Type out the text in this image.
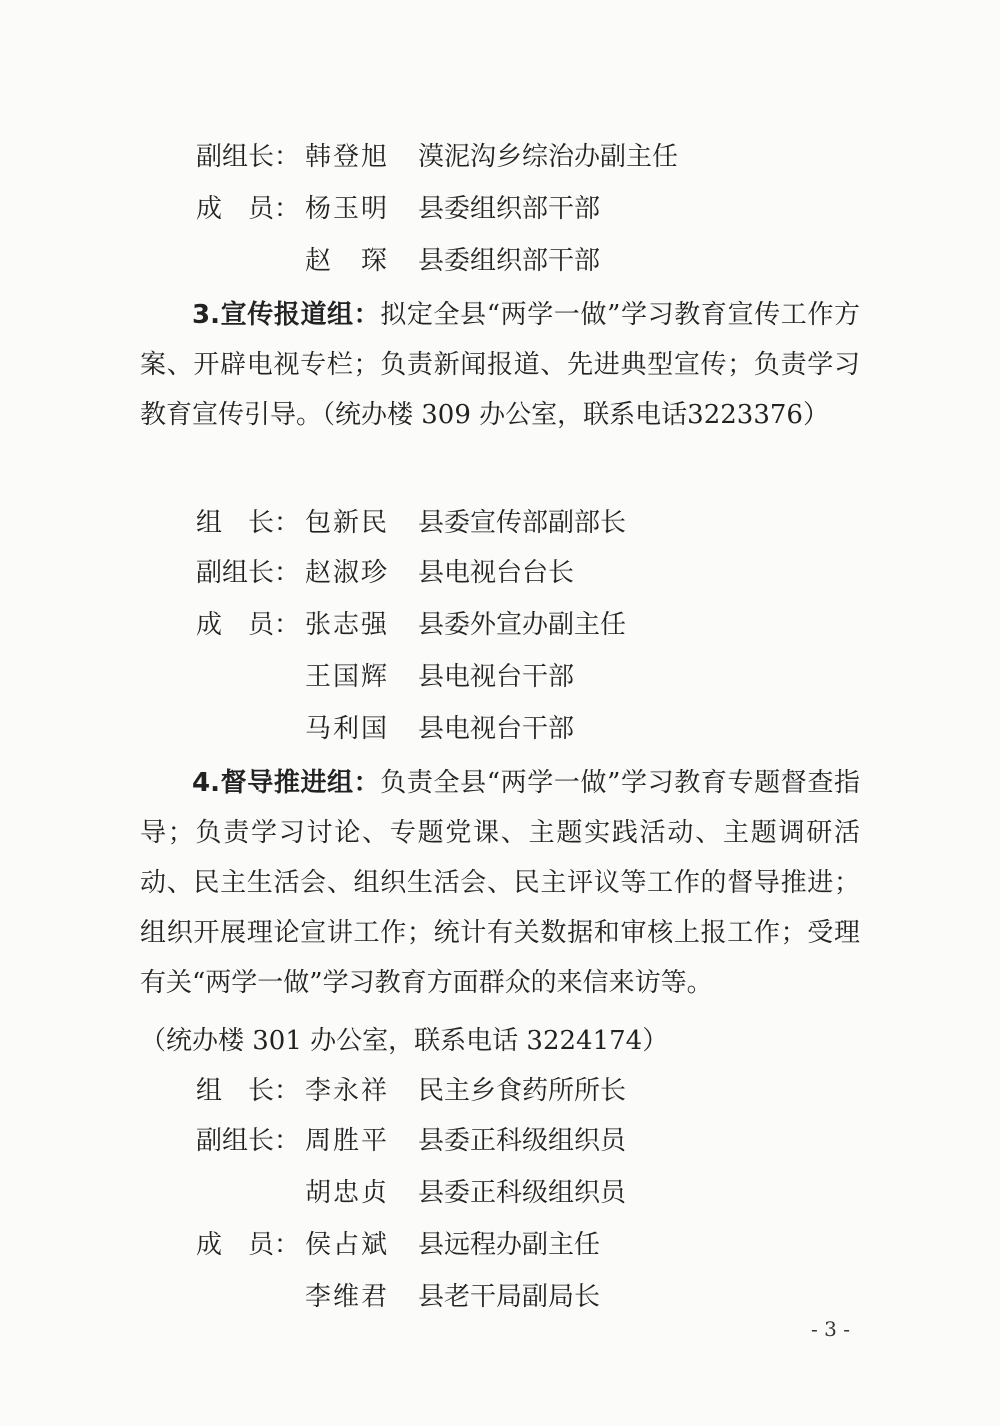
副组长： 韩登旭 漠泥沟乡综治办副主任
成　员： 杨玉明 县委组织部干部
赵　琛 县委组织部干部
3.宣传报道组：拟定全县“两学一做”学习教育宣传工作方案、开辟电视专栏；负责新闻报道、先进典型宣传；负责学习教育宣传引导。（统办楼 309 办公室，联系电话3223376）
组　长： 包新民 县委宣传部副部长
副组长： 赵淑珍 县电视台台长
成　员： 张志强 县委外宣办副主任
王国辉 县电视台干部
马利国 县电视台干部
4.督导推进组：负责全县“两学一做”学习教育专题督查指导；负责学习讨论、专题党课、主题实践活动、主题调研活动、民主生活会、组织生活会、民主评议等工作的督导推进；组织开展理论宣讲工作；统计有关数据和审核上报工作；受理有关“两学一做”学习教育方面群众的来信来访等。
（统办楼 301 办公室，联系电话 3224174）
组　长： 李永祥 民主乡食药所所长
副组长： 周胜平 县委正科级组织员
胡忠贞 县委正科级组织员
成　员： 侯占斌 县远程办副主任
李维君 县老干局副局长
- 3 -
